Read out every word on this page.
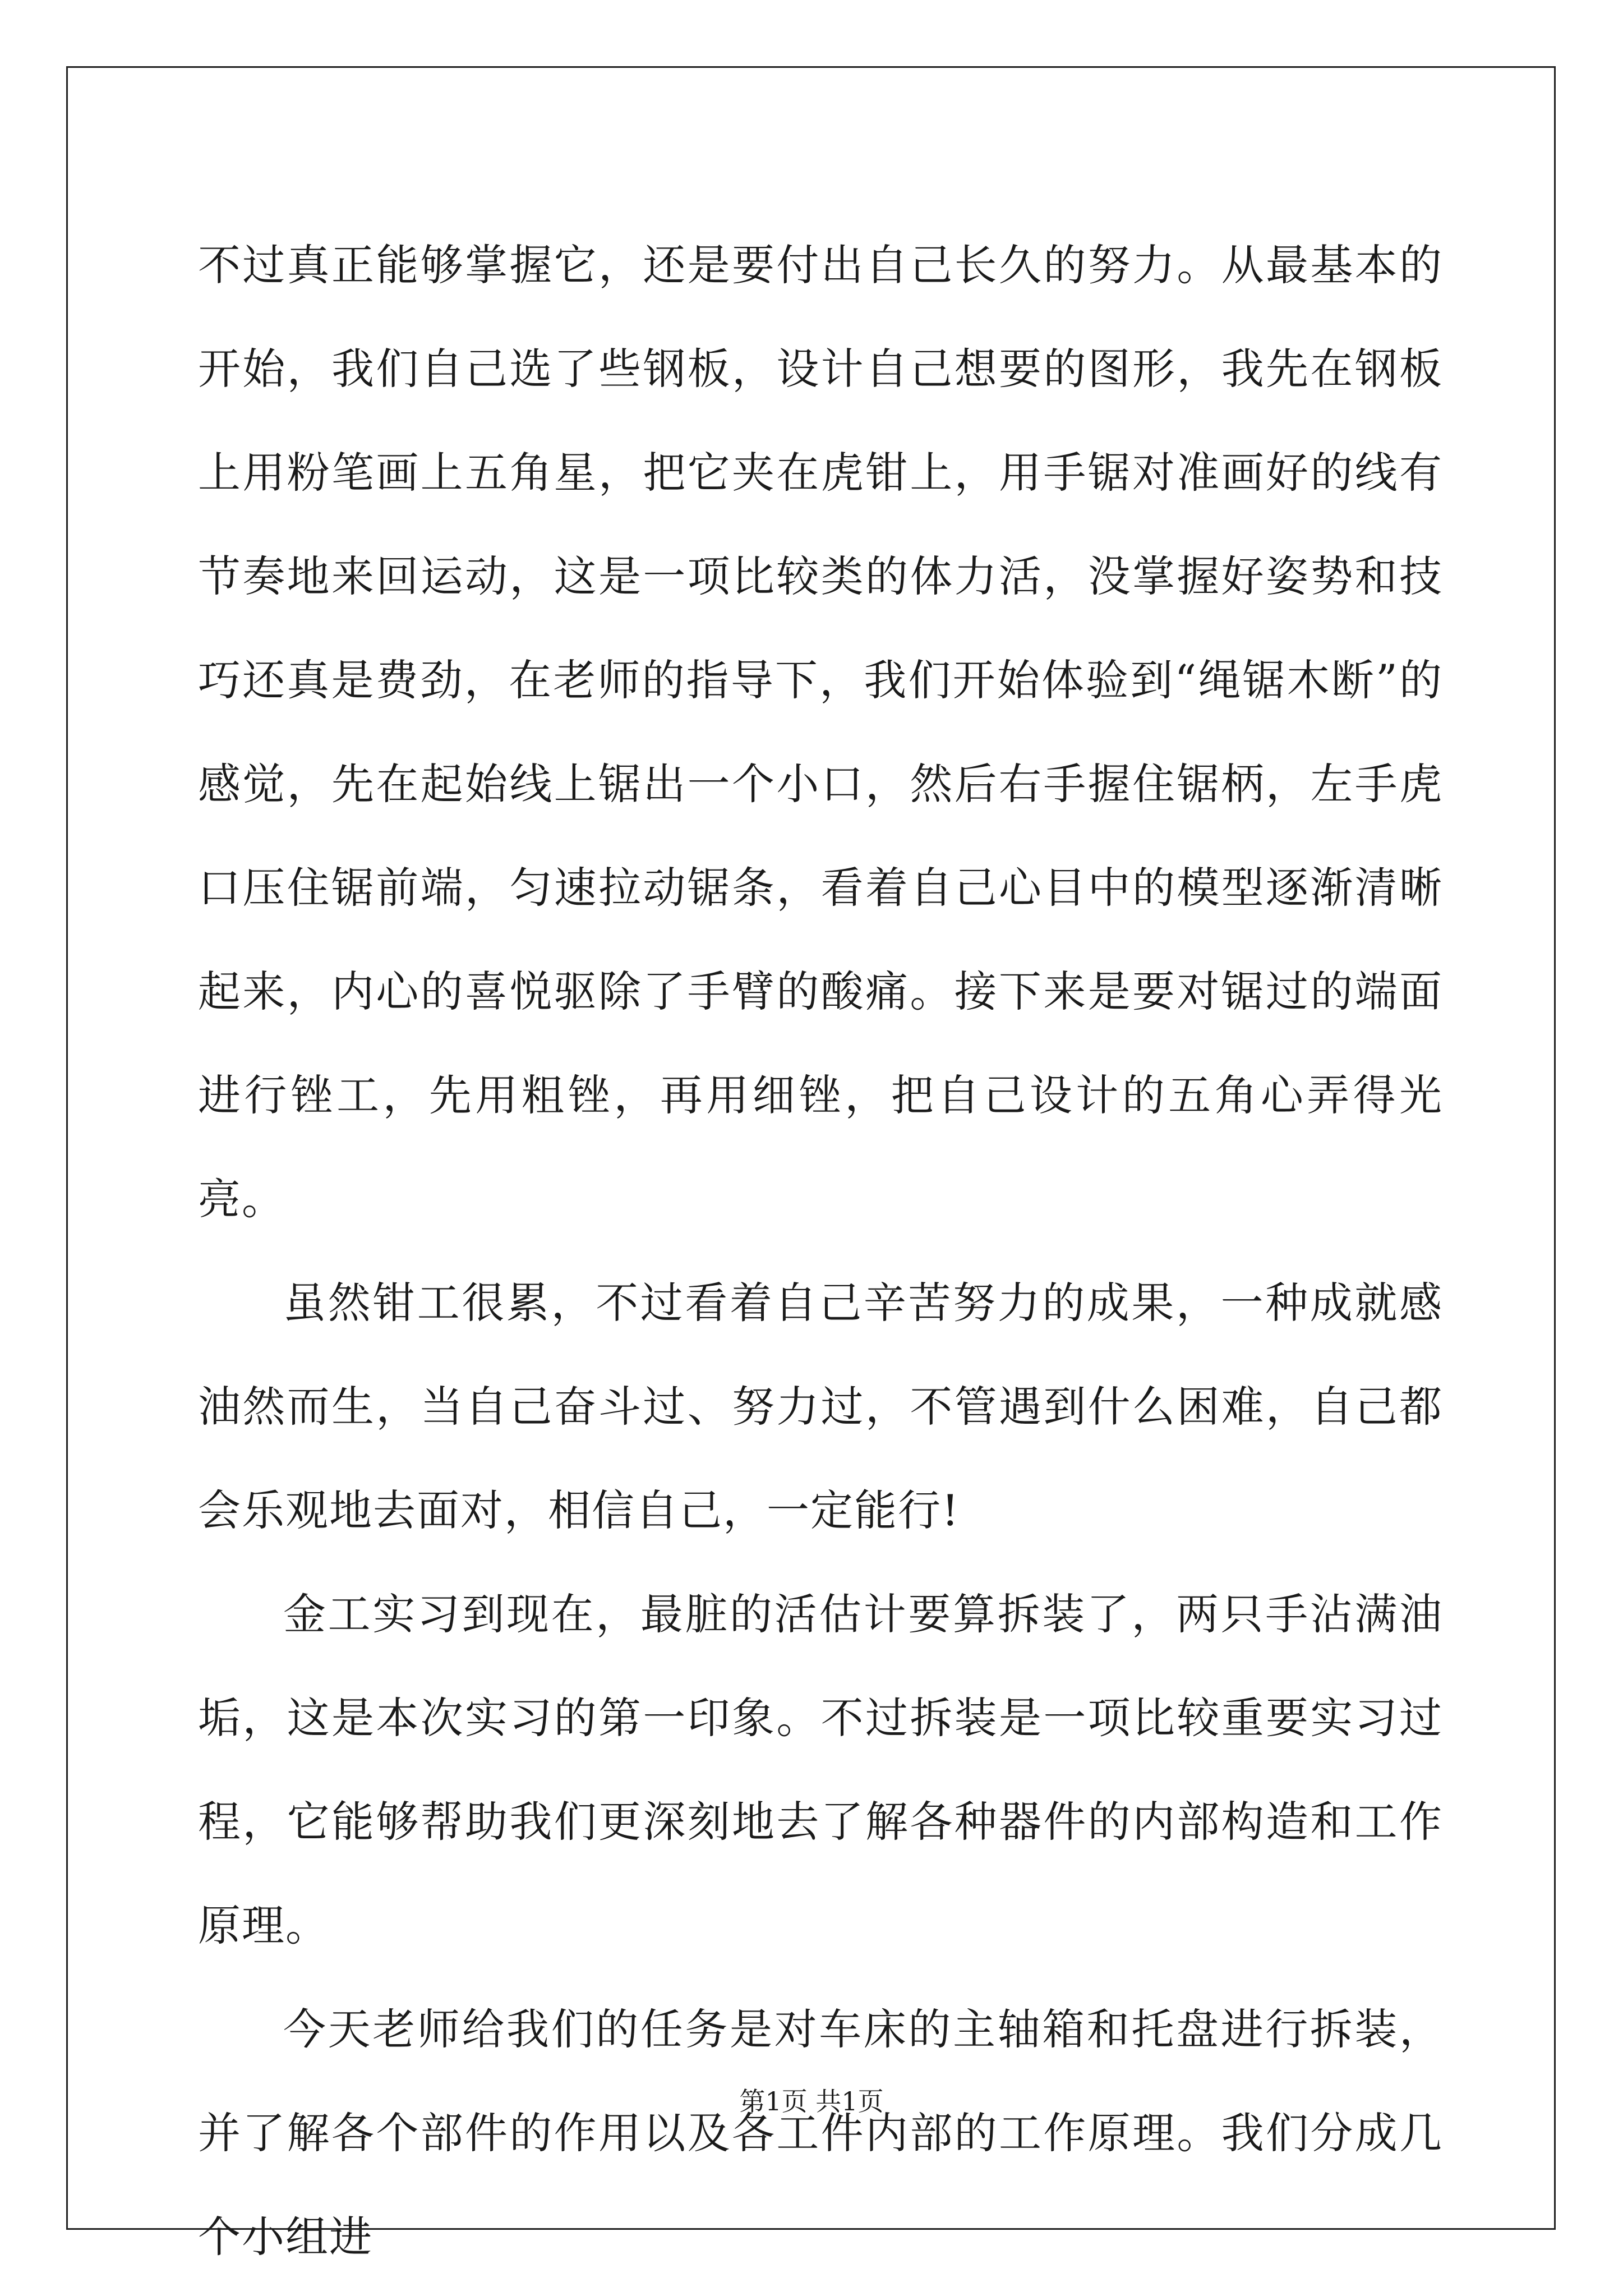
不过真正能够掌握它，还是要付出自己长久的努力。从最基本的开始，我们自己选了些钢板，设计自己想要的图形，我先在钢板上用粉笔画上五角星，把它夹在虎钳上，用手锯对准画好的线有节奏地来回运动，这是一项比较类的体力活，没掌握好姿势和技巧还真是费劲，在老师的指导下，我们开始体验到“绳锯木断”的感觉，先在起始线上锯出一个小口，然后右手握住锯柄，左手虎口压住锯前端，匀速拉动锯条，看着自己心目中的模型逐渐清晰起来，内心的喜悦驱除了手臂的酸痛。接下来是要对锯过的端面进行锉工，先用粗锉，再用细锉，把自己设计的五角心弄得光亮。

虽然钳工很累，不过看着自己辛苦努力的成果，一种成就感油然而生，当自己奋斗过、努力过，不管遇到什么困难，自己都会乐观地去面对，相信自己，一定能行!

金工实习到现在，最脏的活估计要算拆装了，两只手沾满油垢，这是本次实习的第一印象。不过拆装是一项比较重要实习过程，它能够帮助我们更深刻地去了解各种器件的内部构造和工作原理。

今天老师给我们的任务是对车床的主轴箱和托盘进行拆装，并了解各个部件的作用以及各工件内部的工作原理。我们分成几个小组进

第1页 共1页
